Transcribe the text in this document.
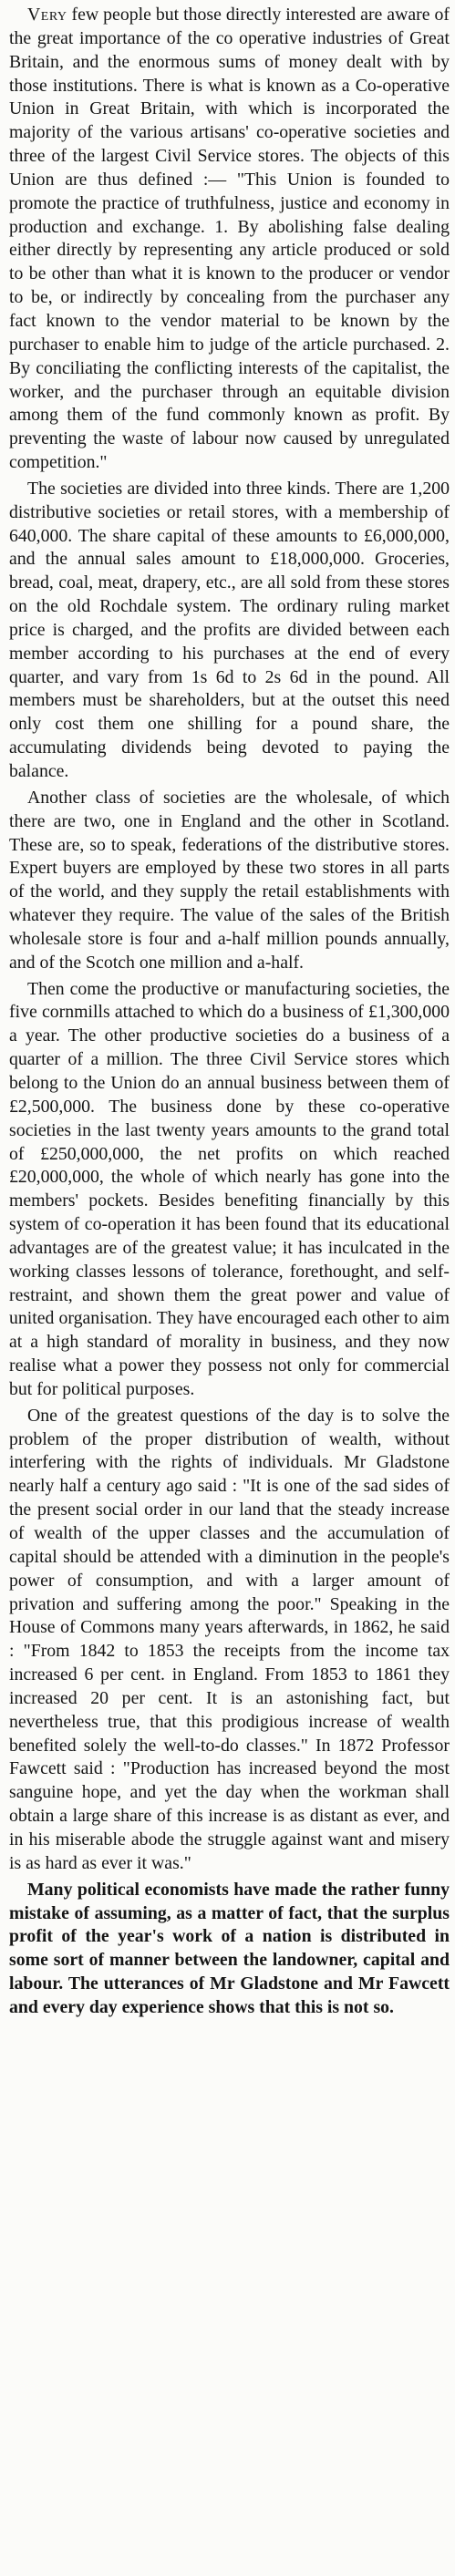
Very few people but those directly interested are aware of the great importance of the co operative industries of Great Britain, and the enormous sums of money dealt with by those institutions. There is what is known as a Co-operative Union in Great Britain, with which is incorporated the majority of the various artisans' co-operative societies and three of the largest Civil Service stores. The objects of this Union are thus defined :— "This Union is founded to promote the practice of truthfulness, justice and economy in production and exchange. 1. By abolishing false dealing either directly by representing any article produced or sold to be other than what it is known to the producer or vendor to be, or indirectly by concealing from the purchaser any fact known to the vendor material to be known by the purchaser to enable him to judge of the article purchased. 2. By conciliating the conflicting interests of the capitalist, the worker, and the purchaser through an equitable division among them of the fund commonly known as profit. By preventing the waste of labour now caused by unregulated competition."

The societies are divided into three kinds. There are 1,200 distributive societies or retail stores, with a membership of 640,000. The share capital of these amounts to £6,000,000, and the annual sales amount to £18,000,000. Groceries, bread, coal, meat, drapery, etc., are all sold from these stores on the old Rochdale system. The ordinary ruling market price is charged, and the profits are divided between each member according to his purchases at the end of every quarter, and vary from 1s 6d to 2s 6d in the pound. All members must be shareholders, but at the outset this need only cost them one shilling for a pound share, the accumulating dividends being devoted to paying the balance.

Another class of societies are the wholesale, of which there are two, one in England and the other in Scotland. These are, so to speak, federations of the distributive stores. Expert buyers are employed by these two stores in all parts of the world, and they supply the retail establishments with whatever they require. The value of the sales of the British wholesale store is four and a-half million pounds annually, and of the Scotch one million and a-half.

Then come the productive or manufacturing societies, the five cornmills attached to which do a business of £1,300,000 a year. The other productive societies do a business of a quarter of a million. The three Civil Service stores which belong to the Union do an annual business between them of £2,500,000. The business done by these co-operative societies in the last twenty years amounts to the grand total of £250,000,000, the net profits on which reached £20,000,000, the whole of which nearly has gone into the members' pockets. Besides benefiting financially by this system of co-operation it has been found that its educational advantages are of the greatest value; it has inculcated in the working classes lessons of tolerance, forethought, and self-restraint, and shown them the great power and value of united organisation. They have encouraged each other to aim at a high standard of morality in business, and they now realise what a power they possess not only for commercial but for political purposes.

One of the greatest questions of the day is to solve the problem of the proper distribution of wealth, without interfering with the rights of individuals. Mr Gladstone nearly half a century ago said : "It is one of the sad sides of the present social order in our land that the steady increase of wealth of the upper classes and the accumulation of capital should be attended with a diminution in the people's power of consumption, and with a larger amount of privation and suffering among the poor." Speaking in the House of Commons many years afterwards, in 1862, he said : "From 1842 to 1853 the receipts from the income tax increased 6 per cent. in England. From 1853 to 1861 they increased 20 per cent. It is an astonishing fact, but nevertheless true, that this prodigious increase of wealth benefited solely the well-to-do classes." In 1872 Professor Fawcett said : "Production has increased beyond the most sanguine hope, and yet the day when the workman shall obtain a large share of this increase is as distant as ever, and in his miserable abode the struggle against want and misery is as hard as ever it was."

Many political economists have made the rather funny mistake of assuming, as a matter of fact, that the surplus profit of the year's work of a nation is distributed in some sort of manner between the landowner, capital and labour. The utterances of Mr Gladstone and Mr Fawcett and every day experience shows that this is not so.
